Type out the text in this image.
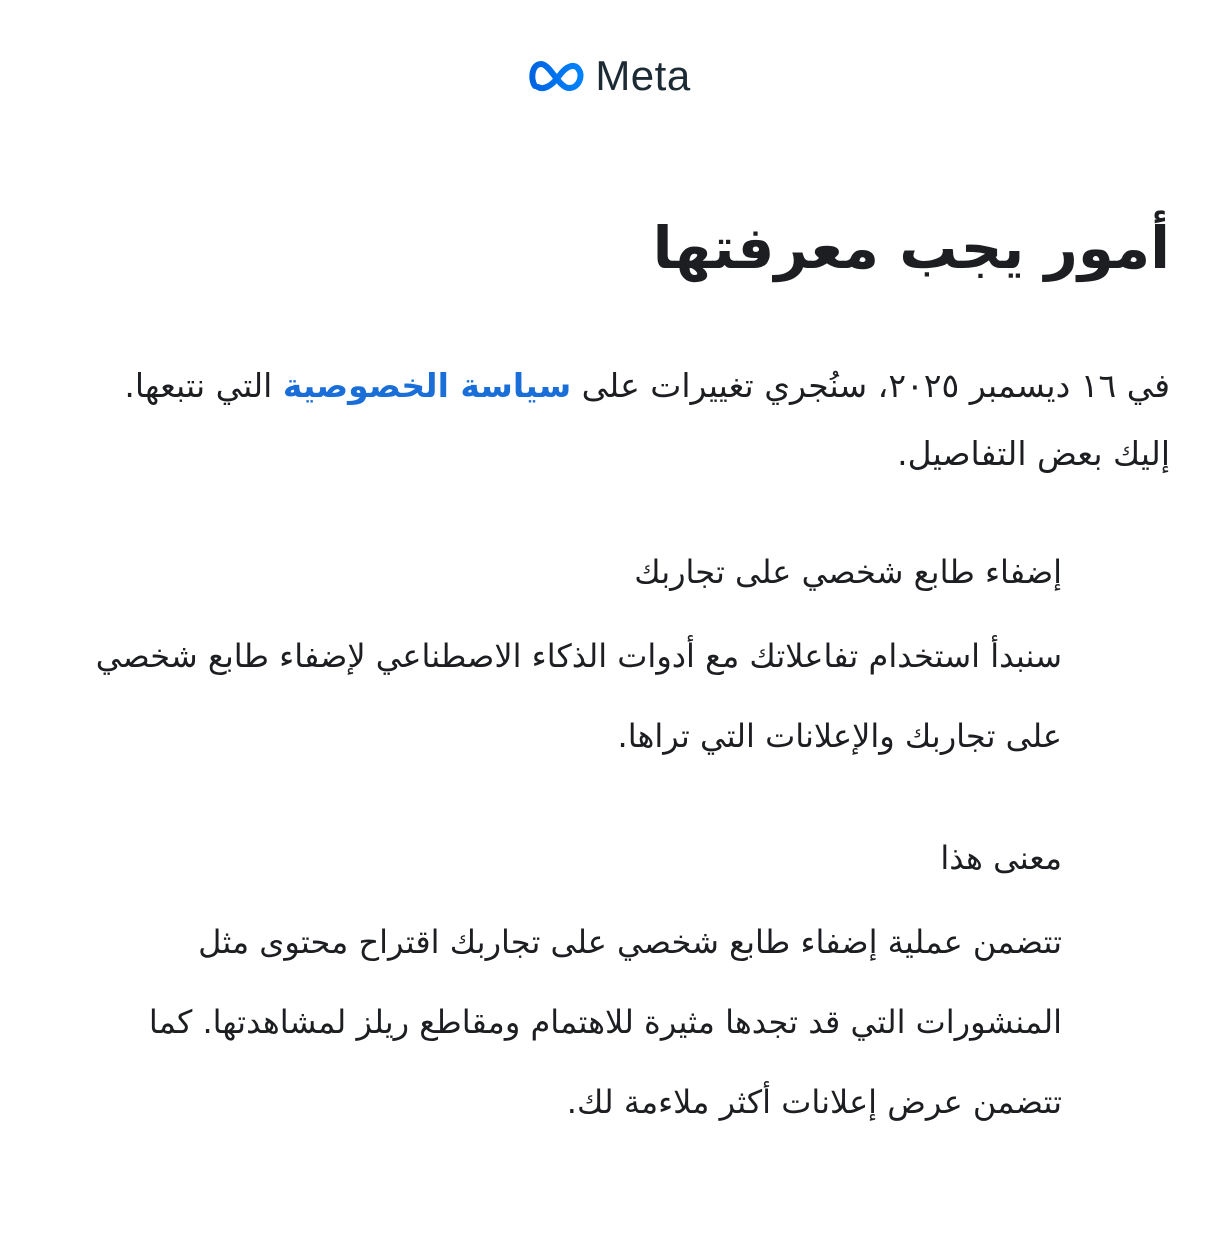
Meta
أمور يجب معرفتها

في ١٦ ديسمبر ٢٠٢٥، سنُجري تغييرات على سياسة الخصوصية التي نتبعها. إليك بعض التفاصيل.

إضفاء طابع شخصي على تجاربك

سنبدأ استخدام تفاعلاتك مع أدوات الذكاء الاصطناعي لإضفاء طابع شخصي على تجاربك والإعلانات التي تراها.

معنى هذا

تتضمن عملية إضفاء طابع شخصي على تجاربك اقتراح محتوى مثل المنشورات التي قد تجدها مثيرة للاهتمام ومقاطع ريلز لمشاهدتها. كما تتضمن عرض إعلانات أكثر ملاءمة لك.
